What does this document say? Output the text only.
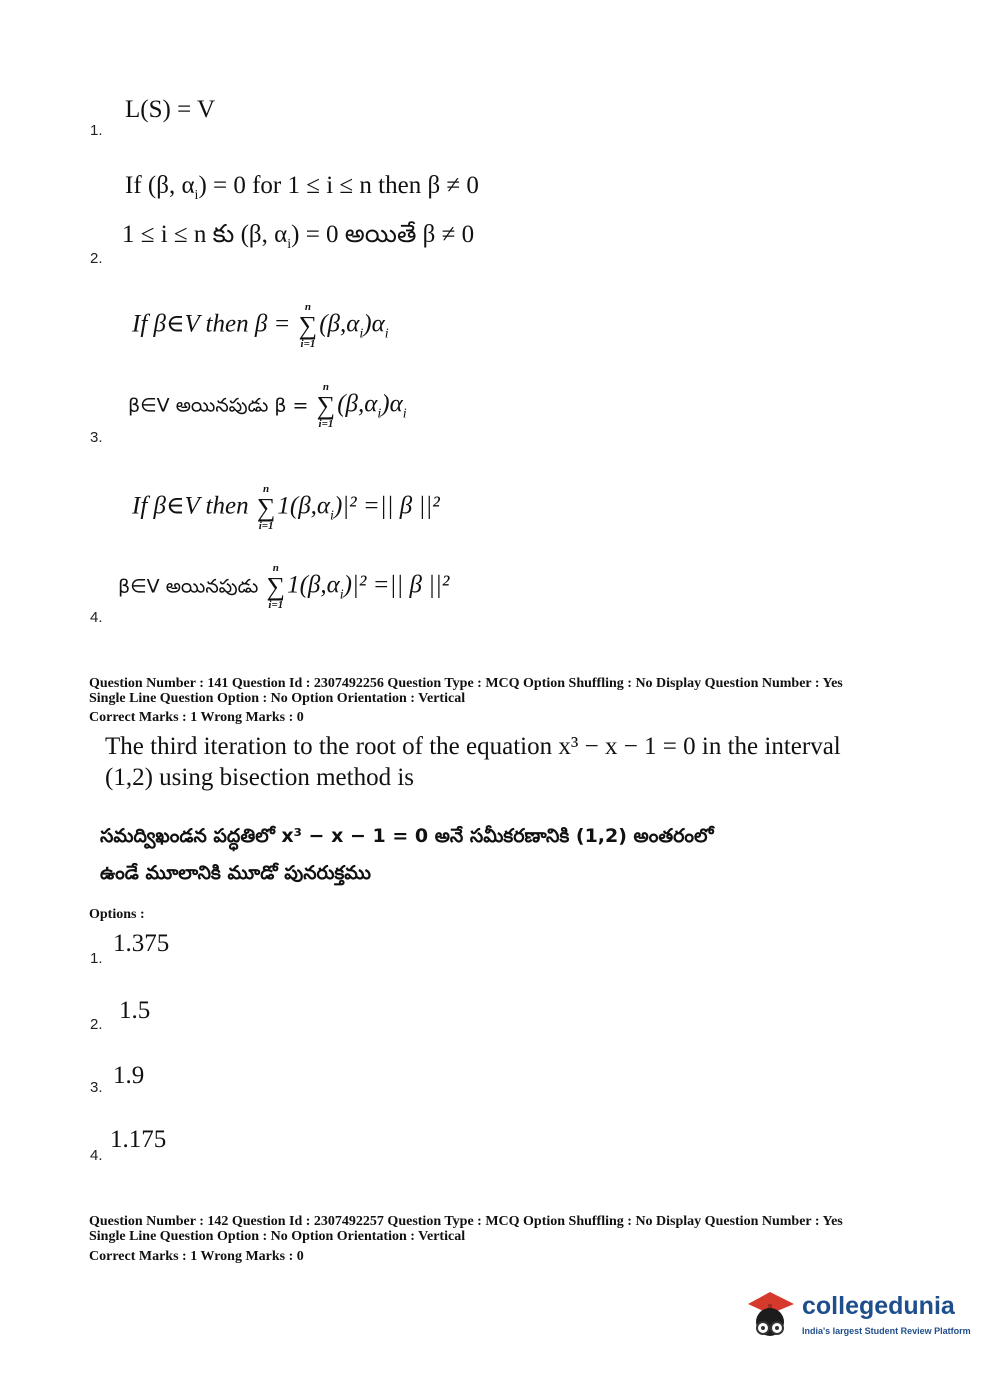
L(S) = V
1.
If (β, $\alpha_i) = 0$ for 1 ≤ i ≤ n then β ≠ 0
1 ≤ i ≤ n కు (β, $\alpha_i) = 0$ అయితే β ≠ 0
2.
If β∈V then β =
n
∑
i=1
$(\beta,\alpha_i)\alpha_i$
β∈V అయినపుడు β =
n
∑
i=1
$(\beta,\alpha_i)\alpha_i$
3.
If β∈V then
n
∑
i=1
$1(\beta,\alpha_i)|^2$ =|| β ||²
β∈V అయినపుడు
n
∑
i=1
$1(\beta,\alpha_i)|^2$ =|| β ||²
4.
Question Number : 141 Question Id : 2307492256 Question Type : MCQ Option Shuffling : No Display Question Number : Yes
Single Line Question Option : No Option Orientation : Vertical
Correct Marks : 1 Wrong Marks : 0
The third iteration to the root of the equation x³ − x − 1 = 0 in the interval
(1,2) using bisection method is
సమద్విఖండన పద్ధతిలో x³ − x − 1 = 0 అనే సమీకరణానికి (1,2) అంతరంలో
ఉండే మూలానికి మూడో పునరుక్తము
Options :
1.375
1.
1.5
2.
1.9
3.
1.175
4.
Question Number : 142 Question Id : 2307492257 Question Type : MCQ Option Shuffling : No Display Question Number : Yes
Single Line Question Option : No Option Orientation : Vertical
Correct Marks : 1 Wrong Marks : 0
collegedunia
India's largest Student Review Platform
